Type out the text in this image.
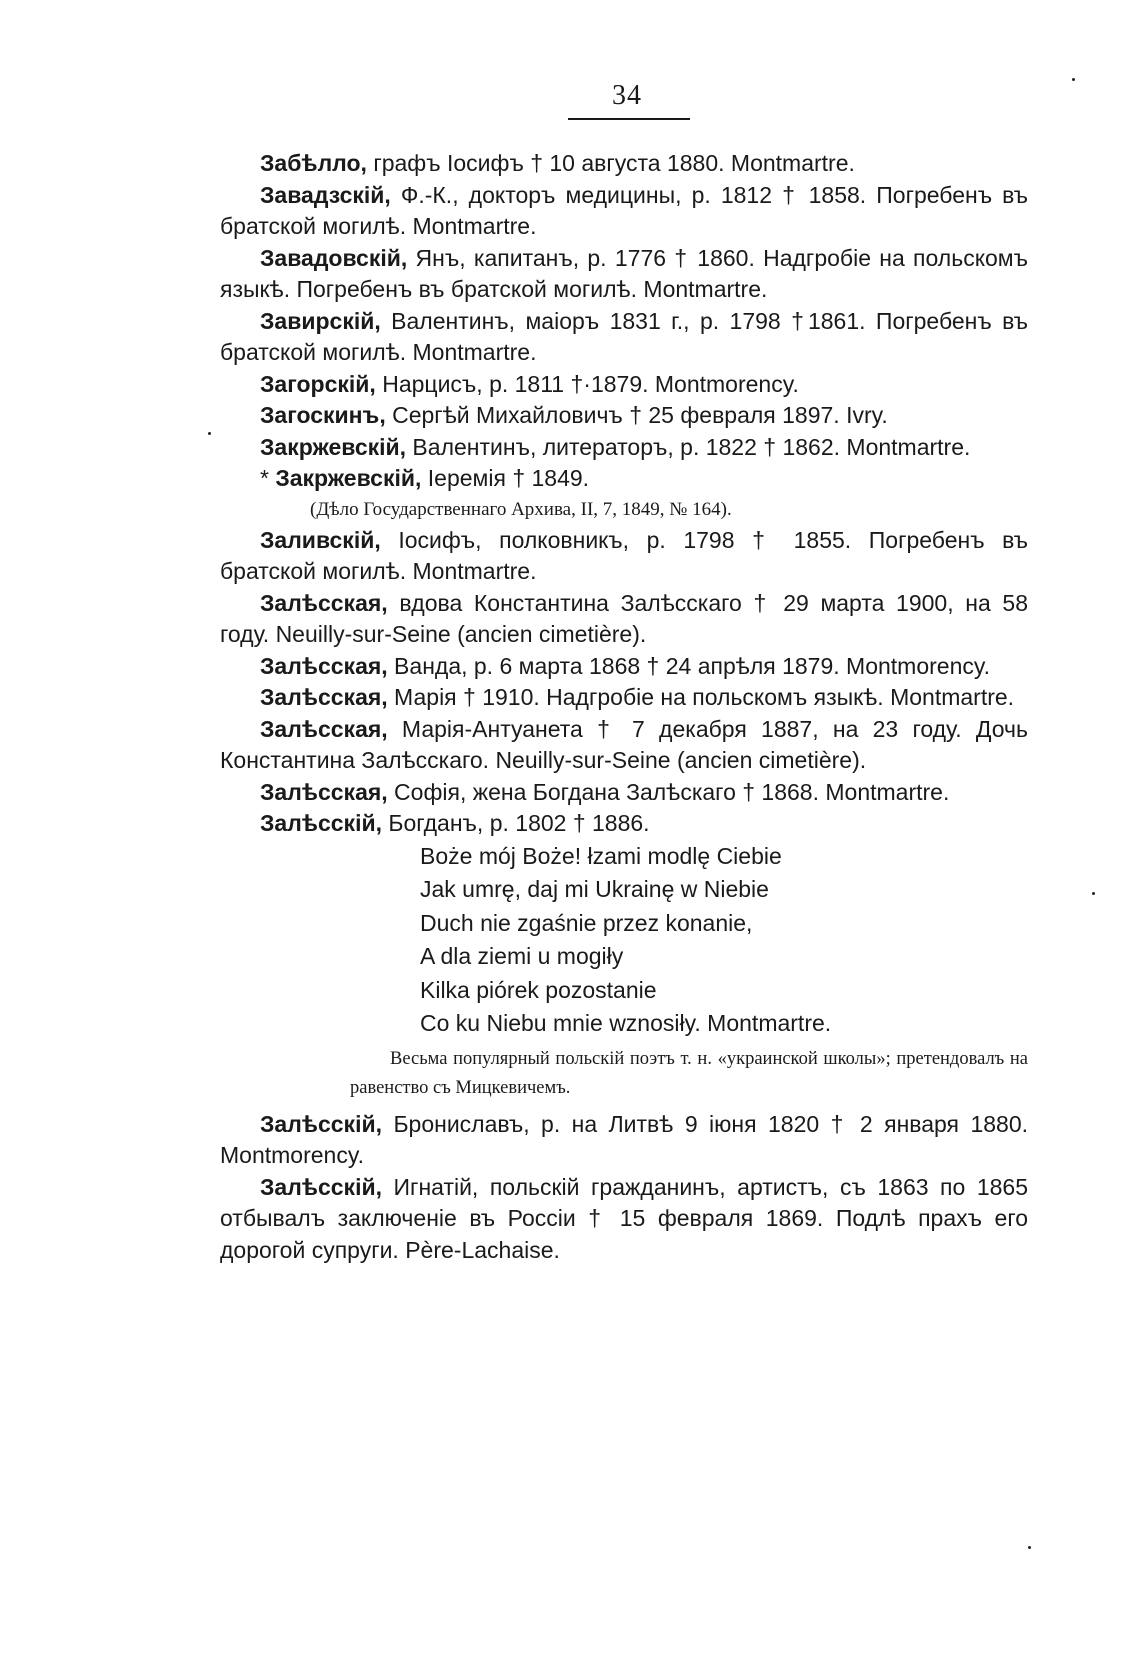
34
Забѣлло, графъ Іосифъ † 10 августа 1880. Montmartre.
Завадзскій, Ф.-К., докторъ медицины, р. 1812 † 1858. Погребенъ въ братской могилѣ. Montmartre.
Завадовскій, Янъ, капитанъ, р. 1776 † 1860. Надгробіе на польскомъ языкѣ. Погребенъ въ братской могилѣ. Montmartre.
Завирскій, Валентинъ, маіоръ 1831 г., р. 1798 †1861. Погребенъ въ братской могилѣ. Montmartre.
Загорскій, Нарцисъ, р. 1811 †·1879. Montmorency.
Загоскинъ, Сергѣй Михайловичъ † 25 февраля 1897. Ivry.
Закржевскій, Валентинъ, литераторъ, р. 1822 † 1862. Montmartre.
* Закржевскій, Іеремія † 1849.
(Дѣло Государственнаго Архива, II, 7, 1849, № 164).
Заливскій, Іосифъ, полковникъ, р. 1798 † 1855. Погребенъ въ братской могилѣ. Montmartre.
Залѣсская, вдова Константина Залѣсскаго † 29 марта 1900, на 58 году. Neuilly-sur-Seine (ancien cimetière).
Залѣсская, Ванда, р. 6 марта 1868 † 24 апрѣля 1879. Montmorency.
Залѣсская, Марія † 1910. Надгробіе на польскомъ языкѣ. Montmartre.
Залѣсская, Марія-Антуанета † 7 декабря 1887, на 23 году. Дочь Константина Залѣсскаго. Neuilly-sur-Seine (ancien cimetière).
Залѣсская, Софія, жена Богдана Залѣскаго † 1868. Montmartre.
Залѣсскій, Богданъ, р. 1802 † 1886.
Boże mój Boże! łzami modlę Ciebie
Jak umrę, daj mi Ukrainę w Niebie
Duch nie zgaśnie przez konanie,
A dla ziemi u mogiły
Kilka piórek pozostanie
Co ku Niebu mnie wznosiły. Montmartre.
Весьма популярный польскій поэтъ т. н. «украинской школы»; претендовалъ на равенство съ Мицкевичемъ.
Залѣсскій, Брониславъ, р. на Литвѣ 9 іюня 1820 † 2 января 1880. Montmorency.
Залѣсскій, Игнатій, польскій гражданинъ, артистъ, съ 1863 по 1865 отбывалъ заключеніе въ Россіи † 15 февраля 1869. Подлѣ прахъ его дорогой супруги. Père-Lachaise.
